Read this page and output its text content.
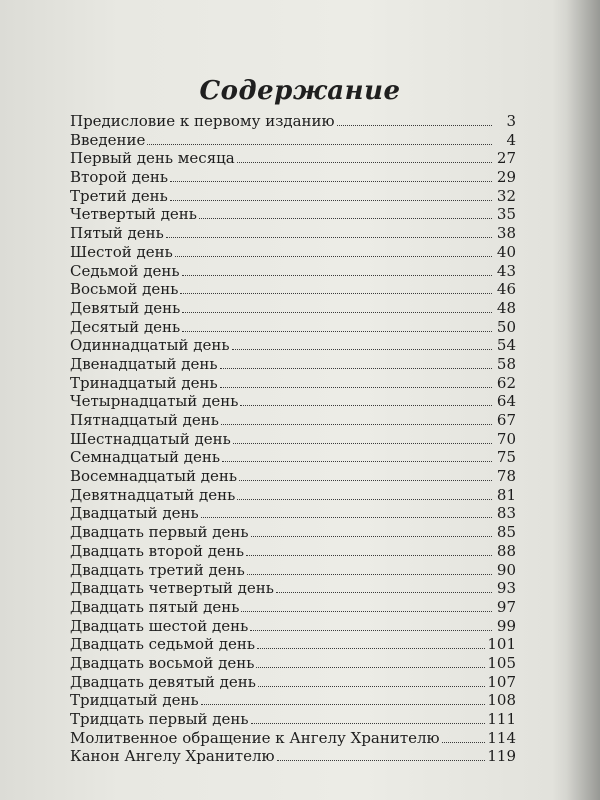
Содержание
Предисловие к первому изданию	3
Введение	4
Первый день месяца	27
Второй день	29
Третий день	32
Четвертый день	35
Пятый день	38
Шестой день	40
Седьмой день	43
Восьмой день	46
Девятый день	48
Десятый день	50
Одиннадцатый день	54
Двенадцатый день	58
Тринадцатый день	62
Четырнадцатый день	64
Пятнадцатый день	67
Шестнадцатый день	70
Семнадцатый день	75
Восемнадцатый день	78
Девятнадцатый день	81
Двадцатый день	83
Двадцать первый день	85
Двадцать второй день	88
Двадцать третий день	90
Двадцать четвертый день	93
Двадцать пятый день	97
Двадцать шестой день	99
Двадцать седьмой день	101
Двадцать восьмой день	105
Двадцать девятый день	107
Тридцатый день	108
Тридцать первый день	111
Молитвенное обращение к Ангелу Хранителю	114
Канон Ангелу Хранителю	119
